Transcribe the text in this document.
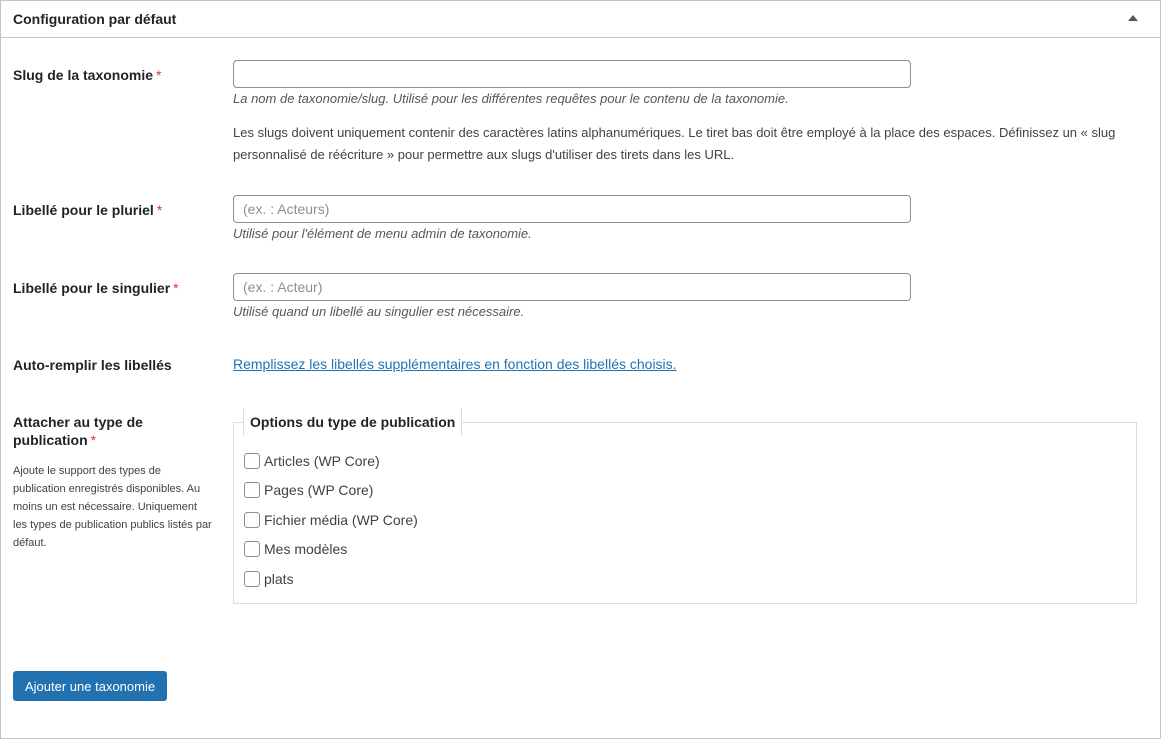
Configuration par défaut
Slug de la taxonomie *
La nom de taxonomie/slug. Utilisé pour les différentes requêtes pour le contenu de la taxonomie.
Les slugs doivent uniquement contenir des caractères latins alphanumériques. Le tiret bas doit être employé à la place des espaces. Définissez un « slug personnalisé de réécriture » pour permettre aux slugs d'utiliser des tirets dans les URL.
Libellé pour le pluriel *
(ex. : Acteurs)
Utilisé pour l'élément de menu admin de taxonomie.
Libellé pour le singulier *
(ex. : Acteur)
Utilisé quand un libellé au singulier est nécessaire.
Auto-remplir les libellés	Remplissez les libellés supplémentaires en fonction des libellés choisis.
Attacher au type de
publication *
Ajoute le support des types de publication enregistrés disponibles. Au moins un est nécessaire. Uniquement les types de publication publics listés par défaut.
Options du type de publication
Articles (WP Core)
Pages (WP Core)
Fichier média (WP Core)
Mes modèles
plats
Ajouter une taxonomie
